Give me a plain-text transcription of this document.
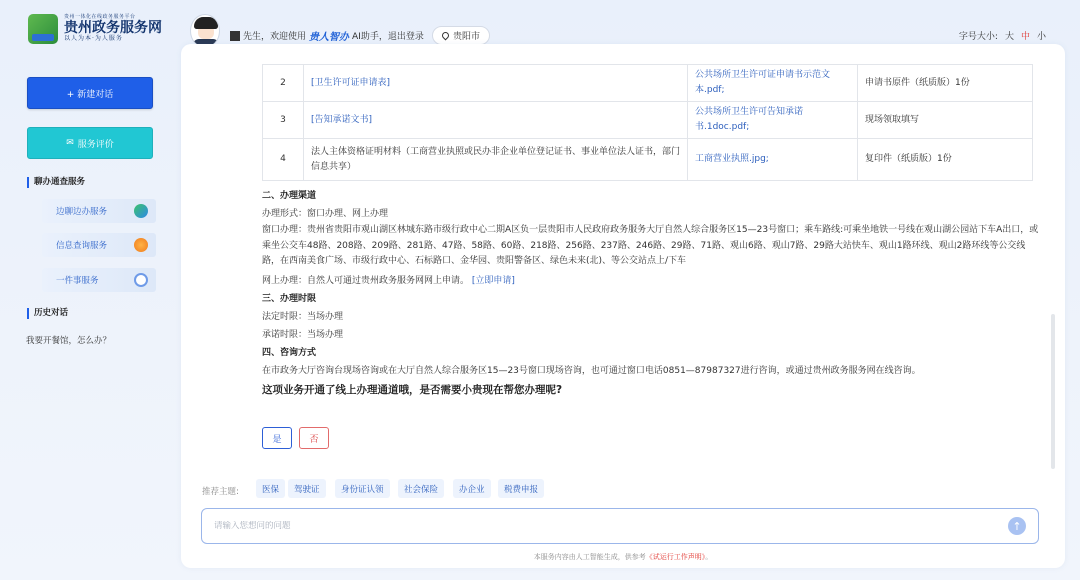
贵州一体化在线政务服务平台
贵州政务服务网
以人为本·为人服务	先生，欢迎使用 贵人智办 AI助手，退出登录	贵阳市	字号大小: 大 中 小
+ 新建对话
✉ 服务评价
聊办通查服务
边聊边办服务
信息查询服务
一件事服务
历史对话
我要开餐馆，怎么办？
2	[卫生许可证申请表]	公共场所卫生许可证申请书示范文本.pdf;	申请书原件（纸质版）1份
3	[告知承诺文书]	公共场所卫生许可告知承诺书.1doc.pdf;	现场领取填写
4	法人主体资格证明材料（工商营业执照或民办非企业单位登记证书、事业单位法人证书，部门信息共享）	工商营业执照.jpg;	复印件（纸质版）1份
二、办理渠道
办理形式：窗口办理、网上办理
窗口办理：贵州省贵阳市观山湖区林城东路市级行政中心二期A区负一层贵阳市人民政府政务服务大厅自然人综合服务区15—23号窗口；乘车路线:可乘坐地铁一号线在观山湖公园站下车A出口，或乘坐公交车48路、208路、209路、281路、47路、58路、60路、218路、256路、237路、246路、29路、71路、观山6路、观山7路、29路大站快车、观山1路环线、观山2路环线等公交线路，在西南美食广场、市级行政中心、石标路口、金华园、贵阳警备区、绿色未来(北)、等公交站点上/下车
网上办理：自然人可通过贵州政务服务网网上申请。 [立即申请]
三、办理时限
法定时限：当场办理
承诺时限：当场办理
四、咨询方式
在市政务大厅咨询台现场咨询或在大厅自然人综合服务区15—23号窗口现场咨询，也可通过窗口电话0851—87987327进行咨询，或通过贵州政务服务网在线咨询。
这项业务开通了线上办理通道哦，是否需要小贵现在帮您办理呢?
是	否
推荐主题:	医保	驾驶证	身份证认领	社会保险	办企业	税费申报
请输入您想问的问题
↑
本服务内容由人工智能生成，供参考《试运行工作声明》。
